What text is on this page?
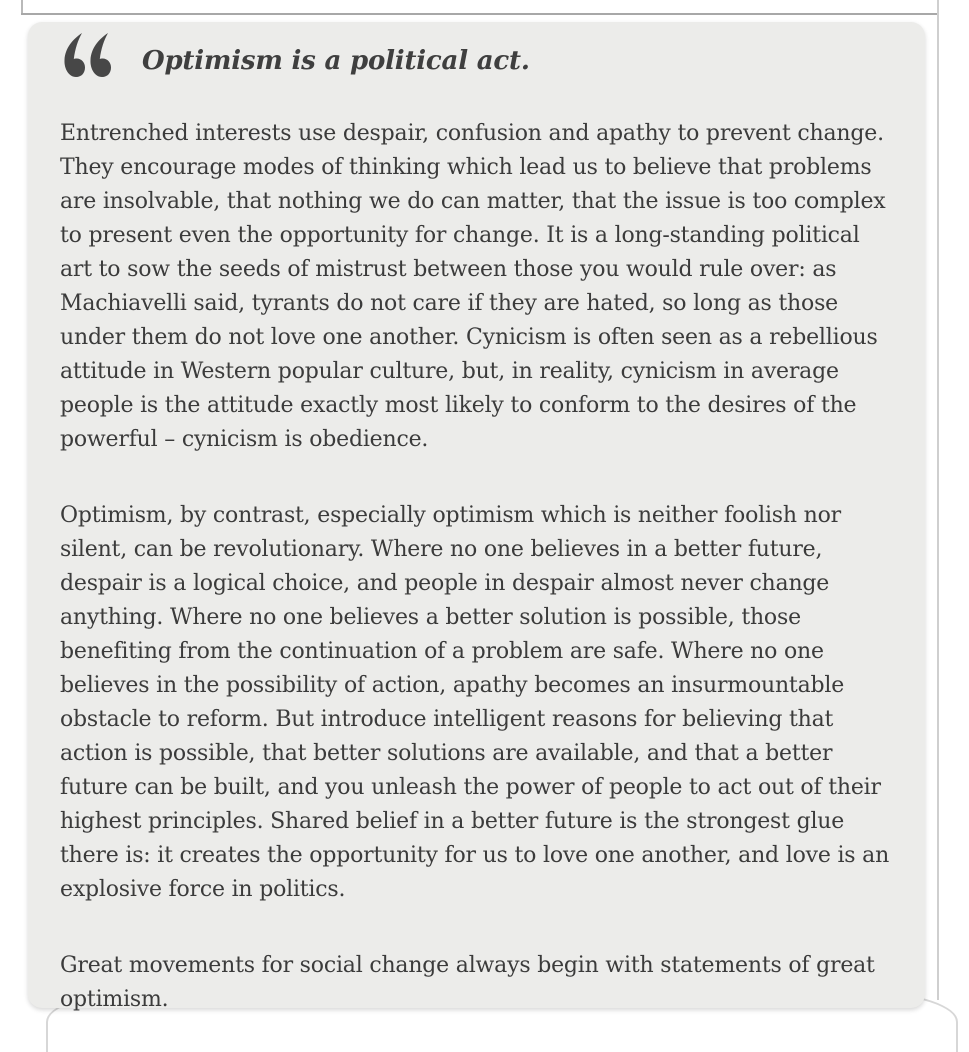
Optimism is a political act.

Entrenched interests use despair, confusion and apathy to prevent change. They encourage modes of thinking which lead us to believe that problems are insolvable, that nothing we do can matter, that the issue is too complex to present even the opportunity for change. It is a long-standing political art to sow the seeds of mistrust between those you would rule over: as Machiavelli said, tyrants do not care if they are hated, so long as those under them do not love one another. Cynicism is often seen as a rebellious attitude in Western popular culture, but, in reality, cynicism in average people is the attitude exactly most likely to conform to the desires of the powerful – cynicism is obedience.

Optimism, by contrast, especially optimism which is neither foolish nor silent, can be revolutionary. Where no one believes in a better future, despair is a logical choice, and people in despair almost never change anything. Where no one believes a better solution is possible, those benefiting from the continuation of a problem are safe. Where no one believes in the possibility of action, apathy becomes an insurmountable obstacle to reform. But introduce intelligent reasons for believing that action is possible, that better solutions are available, and that a better future can be built, and you unleash the power of people to act out of their highest principles. Shared belief in a better future is the strongest glue there is: it creates the opportunity for us to love one another, and love is an explosive force in politics.

Great movements for social change always begin with statements of great optimism.
